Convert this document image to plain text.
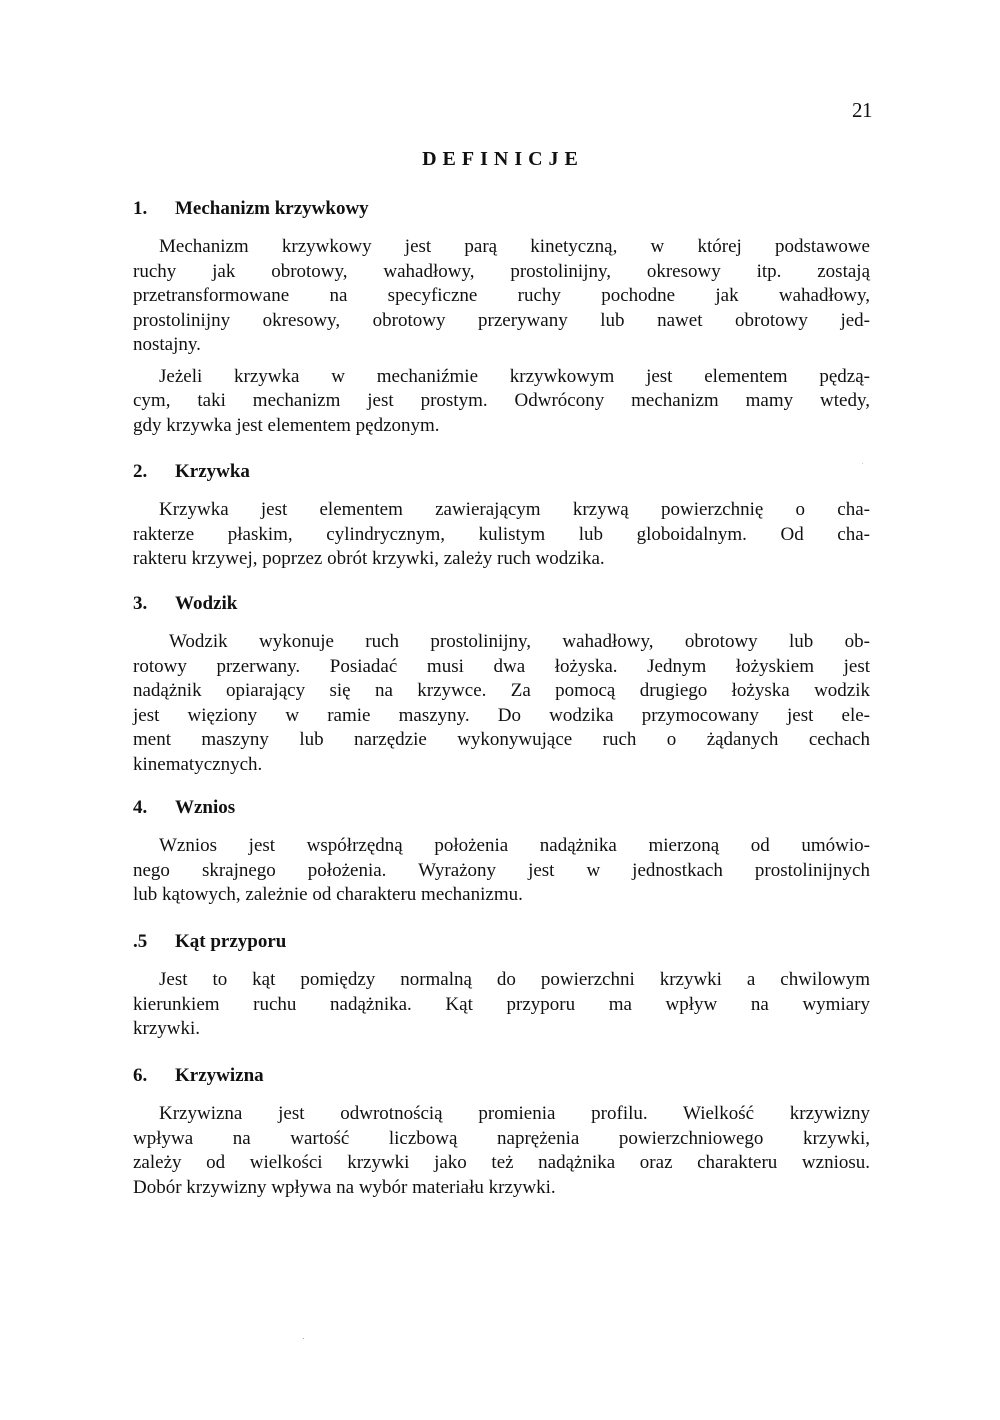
21
DEFINICJE
1. Mechanizm krzywkowy
Mechanizm krzywkowy jest parą kinetyczną, w której podstawowe
ruchy jak obrotowy, wahadłowy, prostolinijny, okresowy itp. zostają
przetransformowane na specyficzne ruchy pochodne jak wahadłowy,
prostolinijny okresowy, obrotowy przerywany lub nawet obrotowy jed-
nostajny.
Jeżeli krzywka w mechaniźmie krzywkowym jest elementem pędzą-
cym, taki mechanizm jest prostym. Odwrócony mechanizm mamy wtedy,
gdy krzywka jest elementem pędzonym.
2. Krzywka
Krzywka jest elementem zawierającym krzywą powierzchnię o cha-
rakterze płaskim, cylindrycznym, kulistym lub globoidalnym. Od cha-
rakteru krzywej, poprzez obrót krzywki, zależy ruch wodzika.
3. Wodzik
Wodzik wykonuje ruch prostolinijny, wahadłowy, obrotowy lub ob-
rotowy przerwany. Posiadać musi dwa łożyska. Jednym łożyskiem jest
nadążnik opiarający się na krzywce. Za pomocą drugiego łożyska wodzik
jest więziony w ramie maszyny. Do wodzika przymocowany jest ele-
ment maszyny lub narzędzie wykonywujące ruch o żądanych cechach
kinematycznych.
4. Wznios
Wznios jest współrzędną położenia nadążnika mierzoną od umówio-
nego skrajnego położenia. Wyrażony jest w jednostkach prostolinijnych
lub kątowych, zależnie od charakteru mechanizmu.
.5 Kąt przyporu
Jest to kąt pomiędzy normalną do powierzchni krzywki a chwilowym
kierunkiem ruchu nadążnika. Kąt przyporu ma wpływ na wymiary
krzywki.
6. Krzywizna
Krzywizna jest odwrotnością promienia profilu. Wielkość krzywizny
wpływa na wartość liczbową naprężenia powierzchniowego krzywki,
zależy od wielkości krzywki jako też nadążnika oraz charakteru wzniosu.
Dobór krzywizny wpływa na wybór materiału krzywki.
